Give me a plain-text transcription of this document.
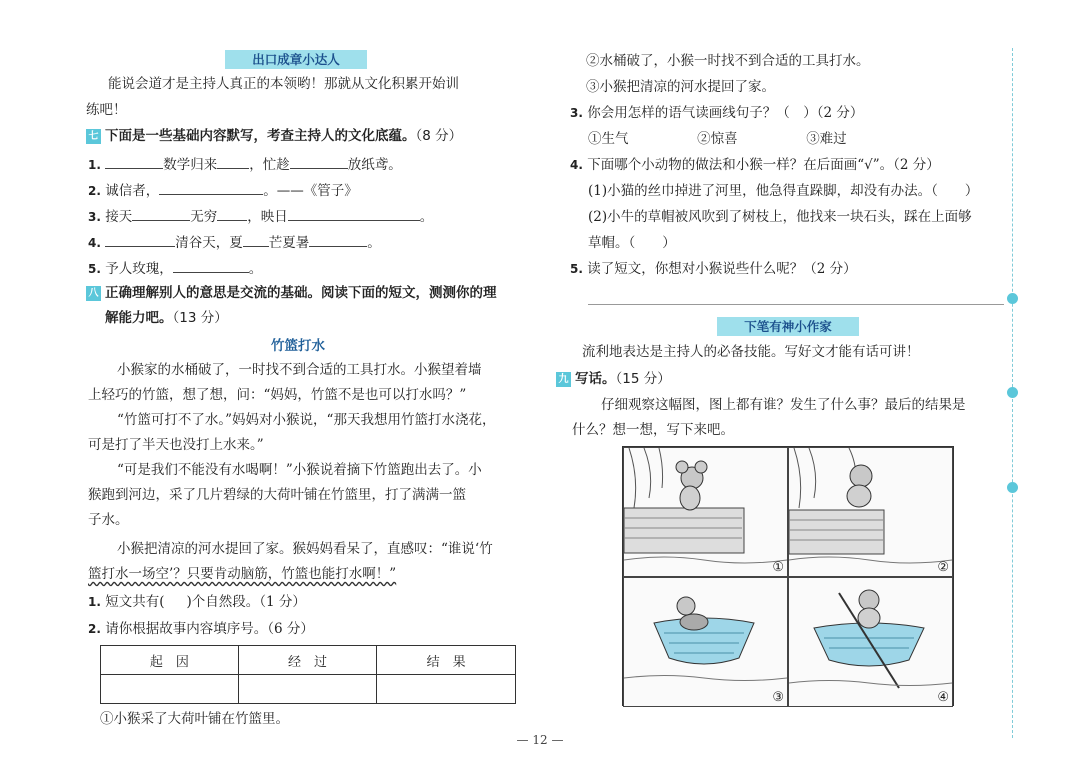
出口成章小达人
能说会道才是主持人真正的本领哟！那就从文化积累开始训
练吧！
七 下面是一些基础内容默写，考查主持人的文化底蕴。（8 分）
1.	数学归来 ，忙趁	放纸鸢。
2. 诚信者，	。——《管子》
3. 接天	无穷 ，映日	。
4.	清谷天，夏 芒夏暑	。
5. 予人玫瑰，	。
八 正确理解别人的意思是交流的基础。阅读下面的短文，测测你的理
解能力吧。（13 分）
竹篮打水
小猴家的水桶破了，一时找不到合适的工具打水。小猴望着墙
上轻巧的竹篮，想了想，问：“妈妈，竹篮不是也可以打水吗？”
“竹篮可打不了水。”妈妈对小猴说，“那天我想用竹篮打水浇花，
可是打了半天也没打上水来。”
“可是我们不能没有水喝啊！”小猴说着摘下竹篮跑出去了。小
猴跑到河边，采了几片碧绿的大荷叶铺在竹篮里，打了满满一篮
子水。
小猴把清凉的河水提回了家。猴妈妈看呆了，直感叹：“谁说‘竹
篮打水一场空’？只要肯动脑筋，竹篮也能打水啊！”
1. 短文共有( )个自然段。（1 分）
2. 请你根据故事内容填序号。（6 分）
起　因	经　过	结　果

①小猴采了大荷叶铺在竹篮里。
②水桶破了，小猴一时找不到合适的工具打水。
③小猴把清凉的河水提回了家。
3. 你会用怎样的语气读画线句子？（　）（2 分）
①生气	②惊喜	③难过
4. 下面哪个小动物的做法和小猴一样？在后面画“√”。（2 分）
(1)小猫的丝巾掉进了河里，他急得直跺脚，却没有办法。（　　）
(2)小牛的草帽被风吹到了树枝上，他找来一块石头，踩在上面够
草帽。（　　）
5. 读了短文，你想对小猴说些什么呢？（2 分）
下笔有神小作家
流利地表达是主持人的必备技能。写好文才能有话可讲！
九 写话。（15 分）
仔细观察这幅图，图上都有谁？发生了什么事？最后的结果是
什么？想一想，写下来吧。
①	②
③	④
— 12 —
